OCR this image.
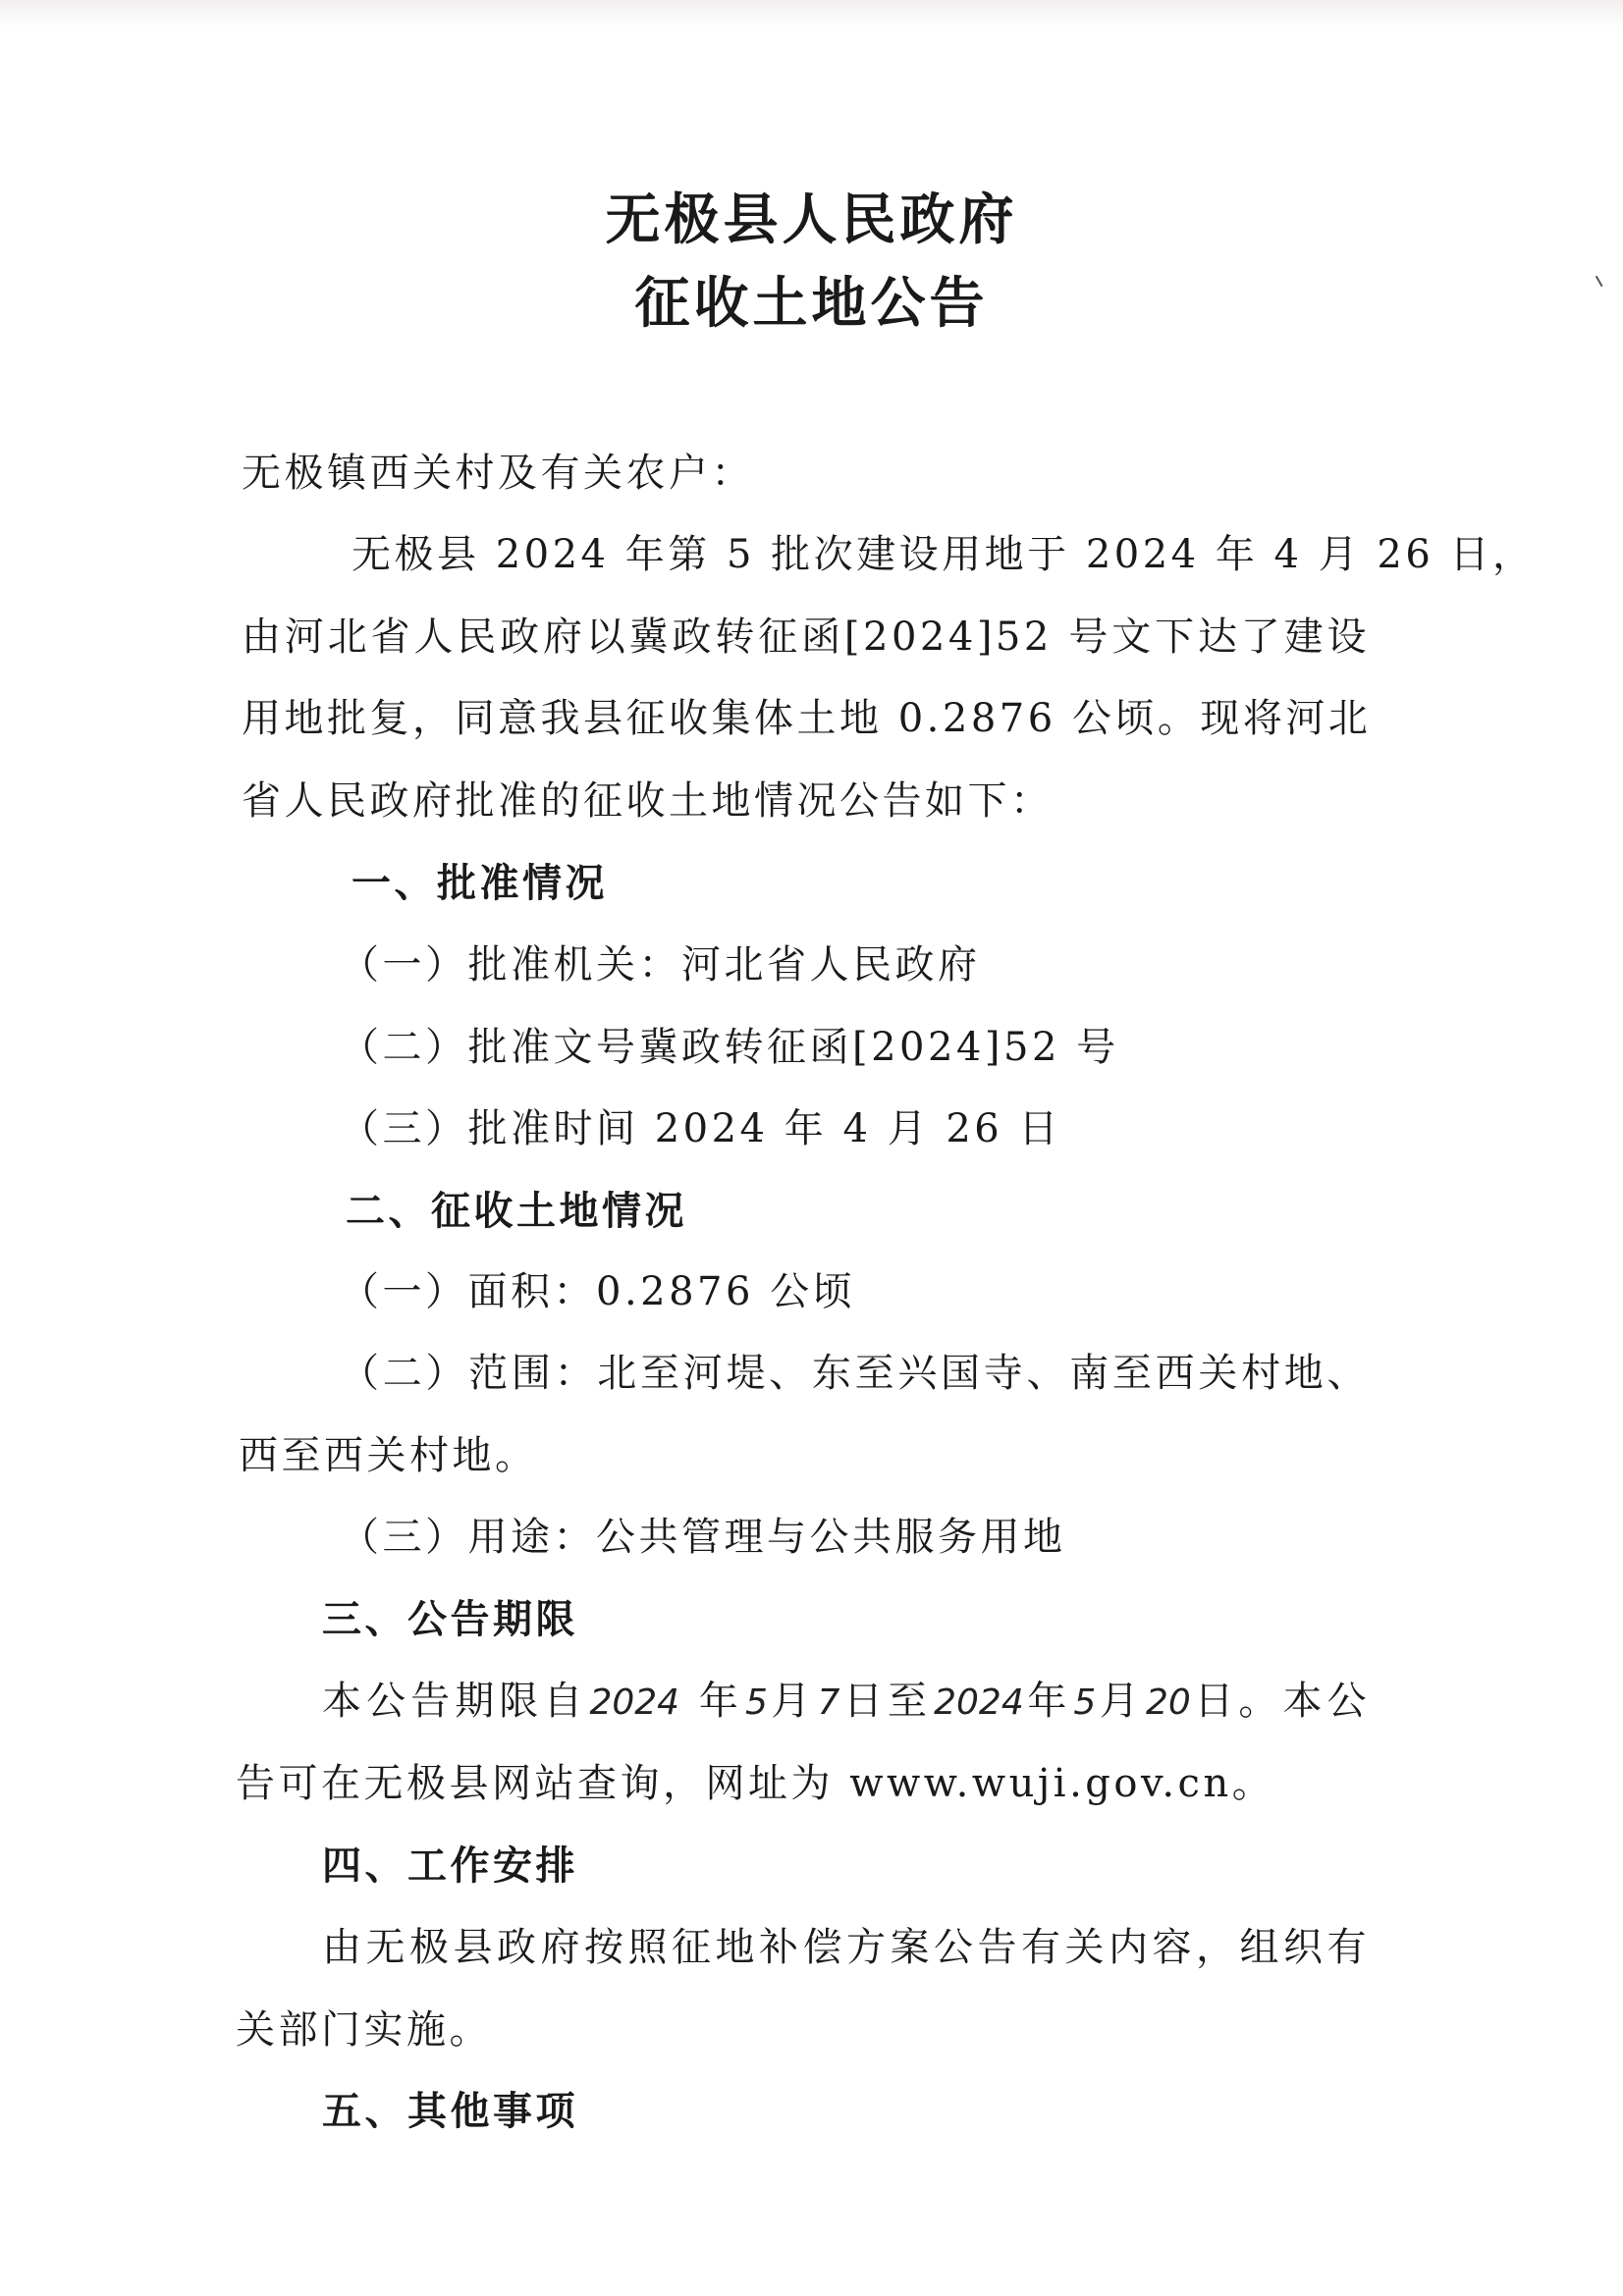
无极县人民政府
征收土地公告
无极镇西关村及有关农户：
无极县 2024 年第 5 批次建设用地于 2024 年 4 月 26 日，
由河北省人民政府以冀政转征函[2024]52 号文下达了建设
用地批复，同意我县征收集体土地 0.2876 公顷。现将河北
省人民政府批准的征收土地情况公告如下：
一、批准情况
（一）批准机关：河北省人民政府
（二）批准文号冀政转征函[2024]52 号
（三）批准时间 2024 年 4 月 26 日
二、征收土地情况
（一）面积：0.2876 公顷
（二）范围：北至河堤、东至兴国寺、南至西关村地、
西至西关村地。
（三）用途：公共管理与公共服务用地
三、公告期限
本公告期限自2024 年5月7日至2024年5月20日。本公
告可在无极县网站查询，网址为 www.wuji.gov.cn。
四、工作安排
由无极县政府按照征地补偿方案公告有关内容，组织有
关部门实施。
五、其他事项
